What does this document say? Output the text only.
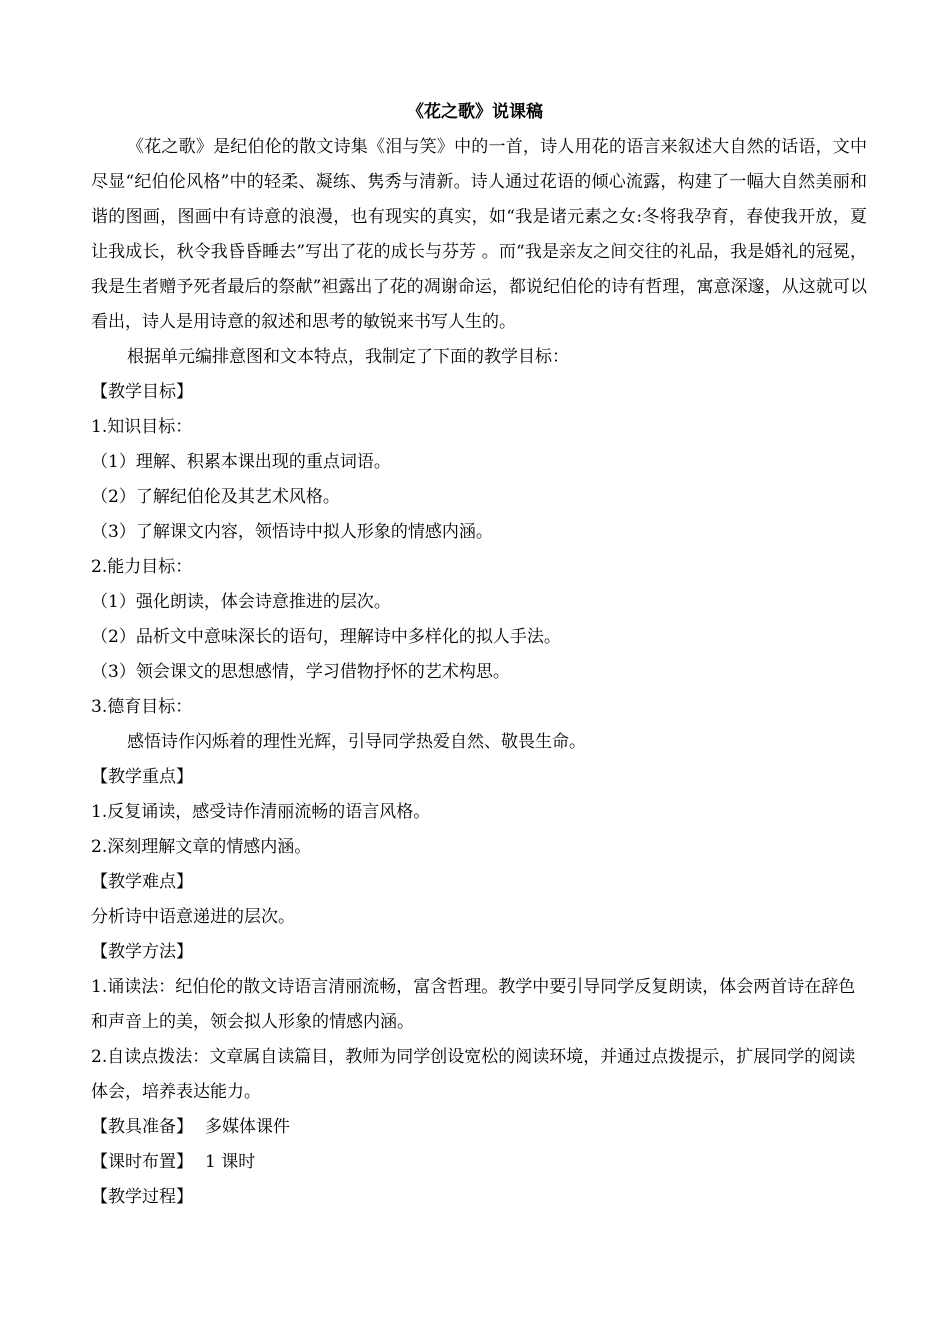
《花之歌》说课稿

《花之歌》是纪伯伦的散文诗集《泪与笑》中的一首，诗人用花的语言来叙述大自然的话语，文中尽显“纪伯伦风格”中的轻柔、凝练、隽秀与清新。诗人通过花语的倾心流露，构建了一幅大自然美丽和谐的图画，图画中有诗意的浪漫，也有现实的真实，如“我是诸元素之女:冬将我孕育，春使我开放，夏让我成长，秋令我昏昏睡去”写出了花的成长与芬芳 。而“我是亲友之间交往的礼品，我是婚礼的冠冕，我是生者赠予死者最后的祭献”袒露出了花的凋谢命运，都说纪伯伦的诗有哲理，寓意深邃，从这就可以看出，诗人是用诗意的叙述和思考的敏锐来书写人生的。

根据单元编排意图和文本特点，我制定了下面的教学目标：

【教学目标】

1.知识目标：

（1）理解、积累本课出现的重点词语。

（2）了解纪伯伦及其艺术风格。

（3）了解课文内容，领悟诗中拟人形象的情感内涵。

2.能力目标：

（1）强化朗读，体会诗意推进的层次。

（2）品析文中意味深长的语句，理解诗中多样化的拟人手法。

（3）领会课文的思想感情，学习借物抒怀的艺术构思。

3.德育目标：

感悟诗作闪烁着的理性光辉，引导同学热爱自然、敬畏生命。

【教学重点】

1.反复诵读，感受诗作清丽流畅的语言风格。

2.深刻理解文章的情感内涵。

【教学难点】

分析诗中语意递进的层次。

【教学方法】

1.诵读法：纪伯伦的散文诗语言清丽流畅，富含哲理。教学中要引导同学反复朗读，体会两首诗在辞色和声音上的美，领会拟人形象的情感内涵。

2.自读点拨法：文章属自读篇目，教师为同学创设宽松的阅读环境，并通过点拨提示，扩展同学的阅读体会，培养表达能力。

【教具准备】 多媒体课件

【课时布置】 1 课时

【教学过程】
